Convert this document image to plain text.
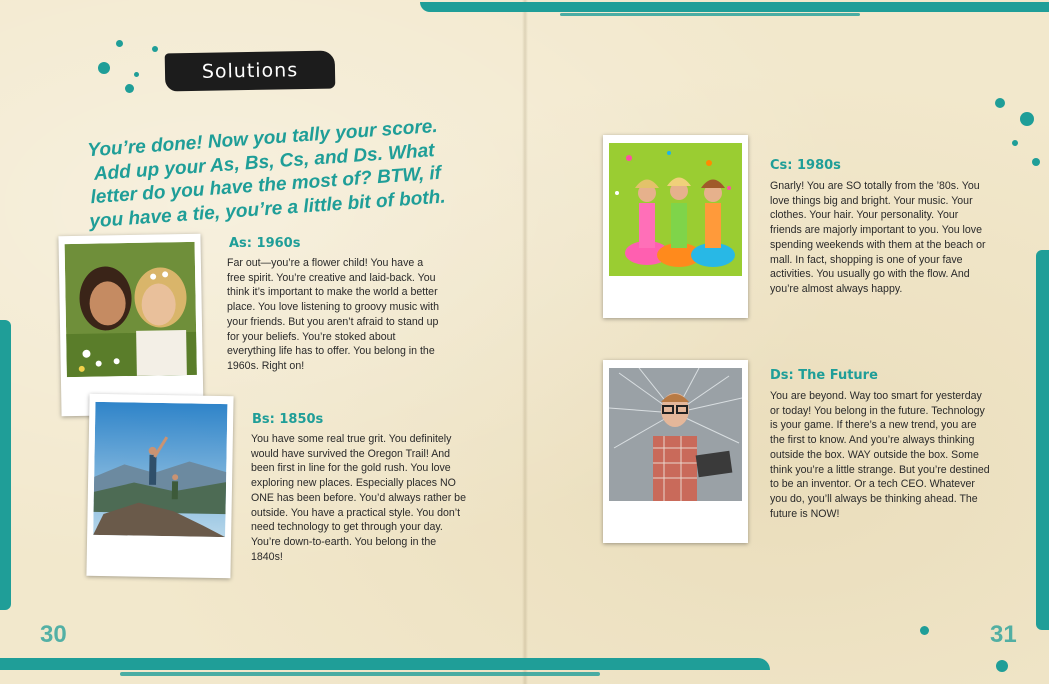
Solutions

You’re done! Now you tally your score. Add up your As, Bs, Cs, and Ds. What letter do you have the most of? BTW, if you have a tie, you’re a little bit of both.

As: 1960s

Far out—you’re a flower child! You have a free spirit. You’re creative and laid-back. You think it’s important to make the world a better place. You love listening to groovy music with your friends. But you aren’t afraid to stand up for your beliefs. You’re stoked about everything life has to offer. You belong in the 1960s. Right on!

Bs: 1850s

You have some real true grit. You definitely would have survived the Oregon Trail! And been first in line for the gold rush. You love exploring new places. Especially places NO ONE has been before. You’d always rather be outside. You have a practical style. You don’t need technology to get through your day. You’re down-to-earth. You belong in the 1840s!

Cs: 1980s

Gnarly! You are SO totally from the ’80s. You love things big and bright. Your music. Your clothes. Your hair. Your personality. Your friends are majorly important to you. You love spending weekends with them at the beach or mall. In fact, shopping is one of your fave activities. You usually go with the flow. And you’re almost always happy.

Ds: The Future

You are beyond. Way too smart for yesterday or today! You belong in the future. Technology is your game. If there’s a new trend, you are the first to know. And you’re always thinking outside the box. WAY outside the box. Some think you’re a little strange. But you’re destined to be an inventor. Or a tech CEO. Whatever you do, you’ll always be thinking ahead. The future is NOW!

30	31
